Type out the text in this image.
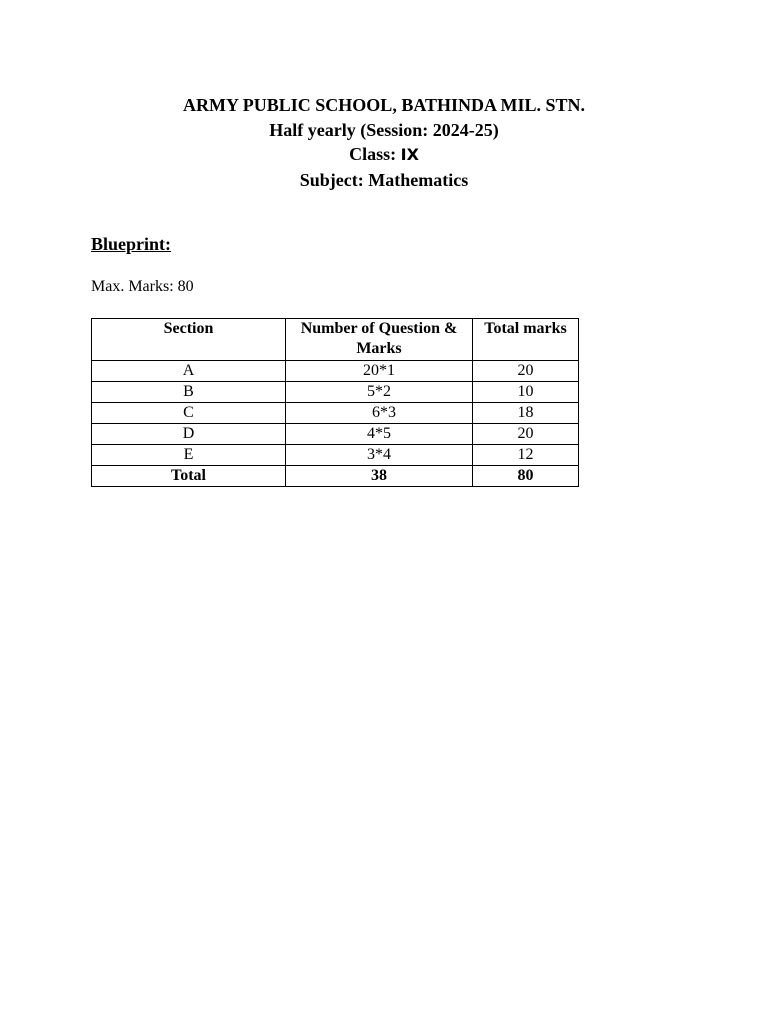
ARMY PUBLIC SCHOOL, BATHINDA MIL. STN.
Half yearly (Session: 2024-25)
Class: IX
Subject: Mathematics
Blueprint:
Max. Marks: 80
Section	Number of Question & Marks	Total marks
A	20*1	20
B	5*2	10
C	6*3	18
D	4*5	20
E	3*4	12
Total	38	80
